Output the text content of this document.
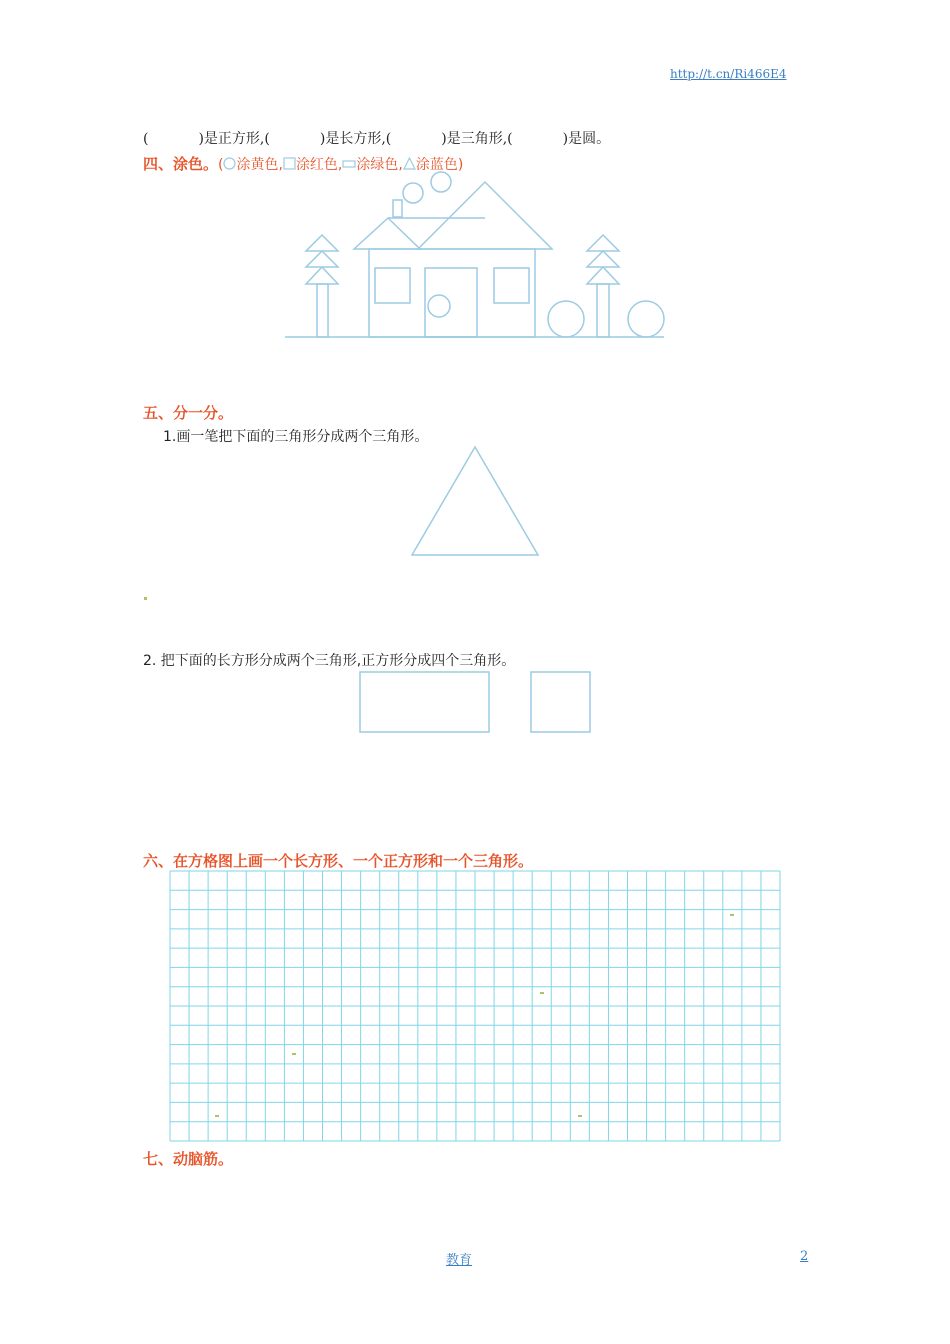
http://t.cn/Ri466E4
(	)是正方形,(	)是长方形,(	)是三角形,(	)是圆。
四、涂色。( 涂黄色, 涂红色, 涂绿色, 涂蓝色)
五、分一分。
1.画一笔把下面的三角形分成两个三角形。
2. 把下面的长方形分成两个三角形,正方形分成四个三角形。
六、在方格图上画一个长方形、一个正方形和一个三角形。
七、动脑筋。
教育	2
